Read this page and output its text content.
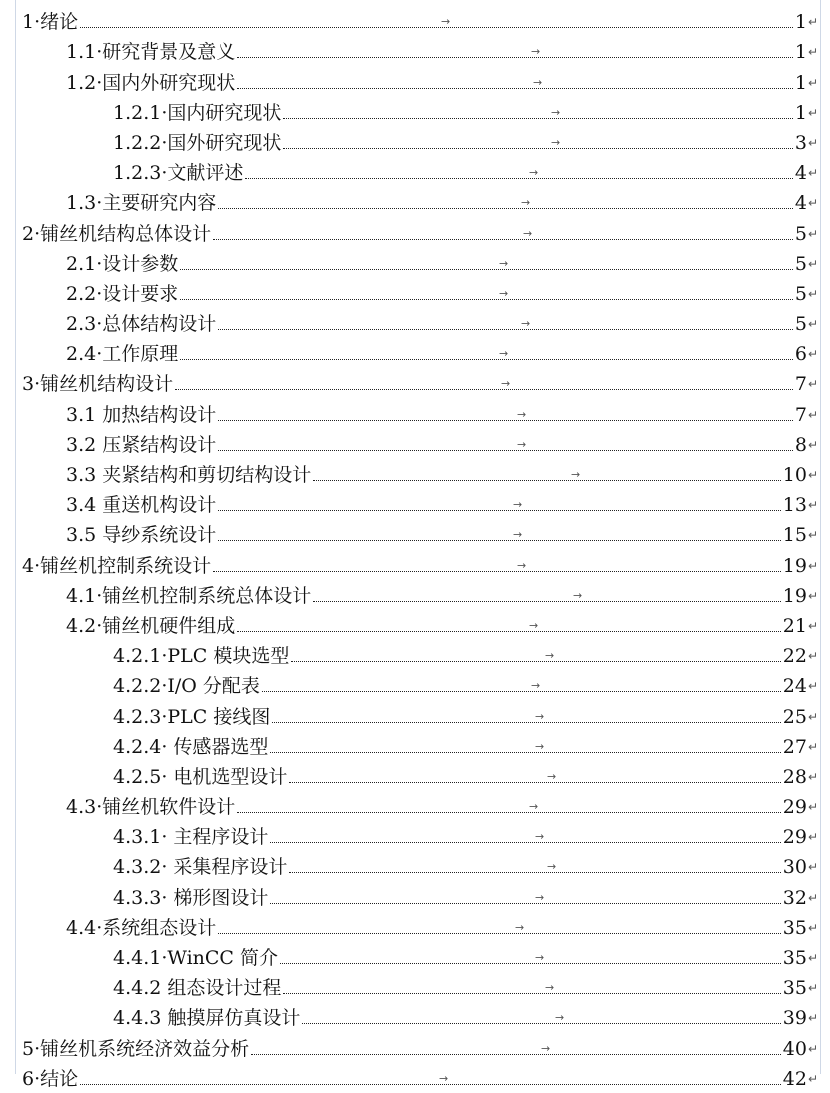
1·绪论	1 ↵
→
1.1·研究背景及意义	1 ↵
→
1.2·国内外研究现状	1 ↵
→
1.2.1·国内研究现状	1 ↵
→
1.2.2·国外研究现状	3 ↵
→
1.2.3·文献评述	4 ↵
→
1.3·主要研究内容	4 ↵
→
2·铺丝机结构总体设计	5 ↵
→
2.1·设计参数	5 ↵
→
2.2·设计要求	5 ↵
→
2.3·总体结构设计	5 ↵
→
2.4·工作原理	6 ↵
→
3·铺丝机结构设计	7 ↵
→
3.1 加热结构设计	7 ↵
→
3.2 压紧结构设计	8 ↵
→
3.3 夹紧结构和剪切结构设计	10 ↵
→
3.4 重送机构设计	13 ↵
→
3.5 导纱系统设计	15 ↵
→
4·铺丝机控制系统设计	19 ↵
→
4.1·铺丝机控制系统总体设计	19 ↵
→
4.2·铺丝机硬件组成	21 ↵
→
4.2.1·PLC 模块选型	22 ↵
→
4.2.2·I/O 分配表	24 ↵
→
4.2.3·PLC 接线图	25 ↵
→
4.2.4· 传感器选型	27 ↵
→
4.2.5· 电机选型设计	28 ↵
→
4.3·铺丝机软件设计	29 ↵
→
4.3.1· 主程序设计	29 ↵
→
4.3.2· 采集程序设计	30 ↵
→
4.3.3· 梯形图设计	32 ↵
→
4.4·系统组态设计	35 ↵
→
4.4.1·WinCC 简介	35 ↵
→
4.4.2 组态设计过程	35 ↵
→
4.4.3 触摸屏仿真设计	39 ↵
→
5·铺丝机系统经济效益分析	40 ↵
→
6·结论	42 ↵
→
